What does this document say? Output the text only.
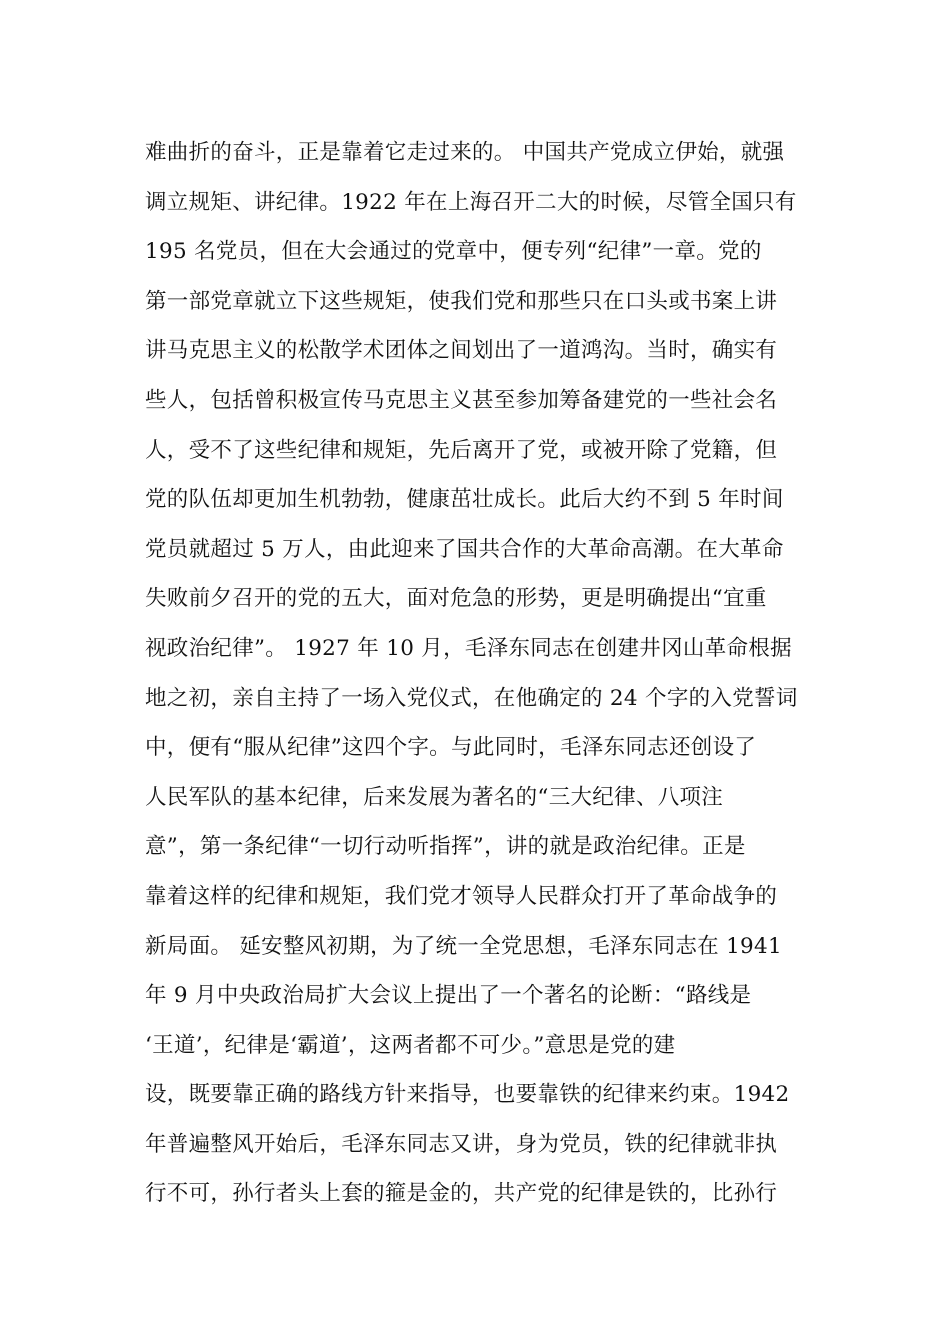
难曲折的奋斗，正是靠着它走过来的。 中国共产党成立伊始，就强
调立规矩、讲纪律。1922 年在上海召开二大的时候，尽管全国只有
195 名党员，但在大会通过的党章中，便专列“纪律”一章。党的
第一部党章就立下这些规矩，使我们党和那些只在口头或书案上讲
讲马克思主义的松散学术团体之间划出了一道鸿沟。当时，确实有
些人，包括曾积极宣传马克思主义甚至参加筹备建党的一些社会名
人，受不了这些纪律和规矩，先后离开了党，或被开除了党籍，但
党的队伍却更加生机勃勃，健康茁壮成长。此后大约不到 5 年时间
党员就超过 5 万人，由此迎来了国共合作的大革命高潮。在大革命
失败前夕召开的党的五大，面对危急的形势，更是明确提出“宜重
视政治纪律”。 1927 年 10 月，毛泽东同志在创建井冈山革命根据
地之初，亲自主持了一场入党仪式，在他确定的 24 个字的入党誓词
中，便有“服从纪律”这四个字。与此同时，毛泽东同志还创设了
人民军队的基本纪律，后来发展为著名的“三大纪律、八项注
意”，第一条纪律“一切行动听指挥”，讲的就是政治纪律。正是
靠着这样的纪律和规矩，我们党才领导人民群众打开了革命战争的
新局面。 延安整风初期，为了统一全党思想，毛泽东同志在 1941
年 9 月中央政治局扩大会议上提出了一个著名的论断：“路线是
‘王道’，纪律是‘霸道’，这两者都不可少。”意思是党的建
设，既要靠正确的路线方针来指导，也要靠铁的纪律来约束。1942
年普遍整风开始后，毛泽东同志又讲，身为党员，铁的纪律就非执
行不可，孙行者头上套的箍是金的，共产党的纪律是铁的，比孙行
